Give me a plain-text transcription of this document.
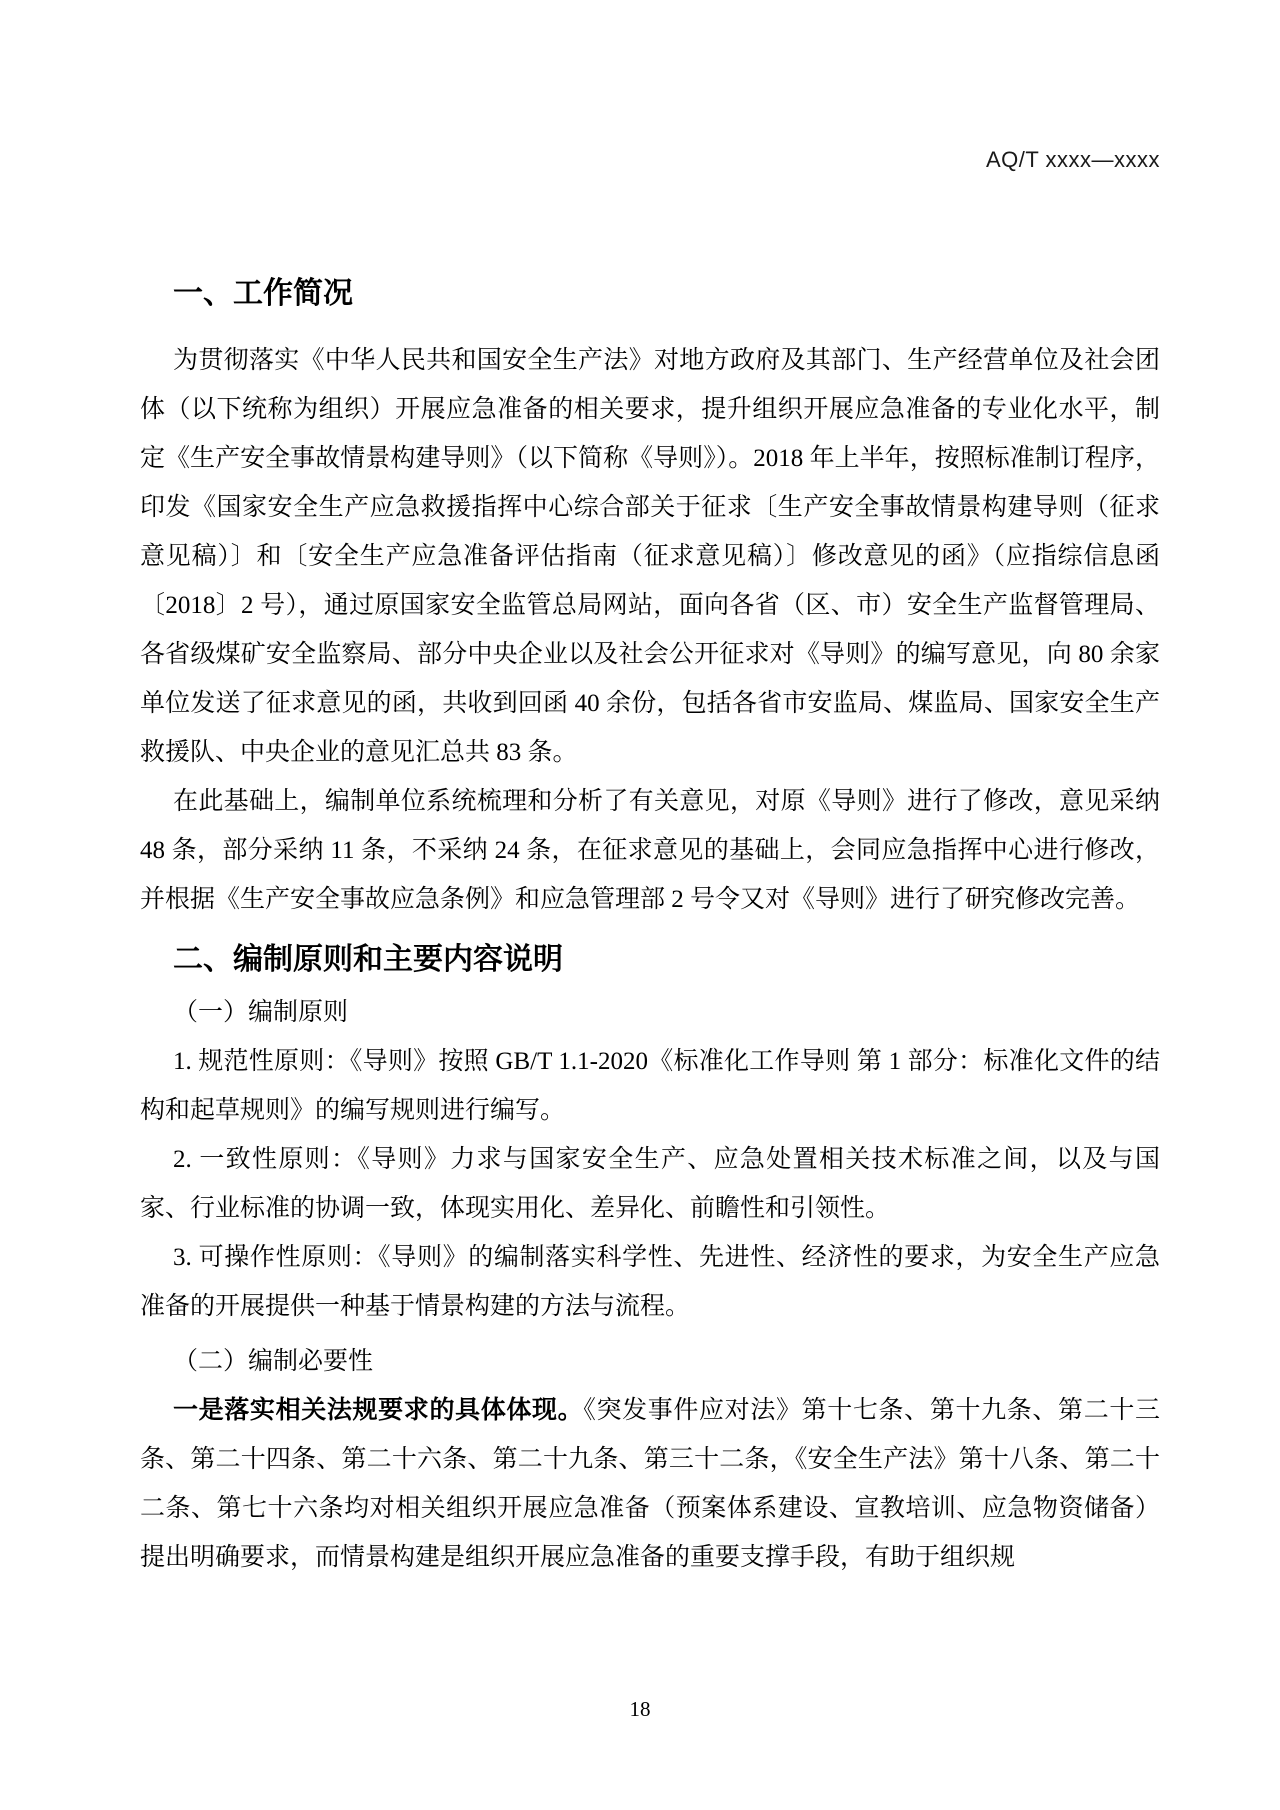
AQ/T xxxx—xxxx
一、工作简况

为贯彻落实《中华人民共和国安全生产法》对地方政府及其部门、生产经营单位及社会团体（以下统称为组织）开展应急准备的相关要求，提升组织开展应急准备的专业化水平，制定《生产安全事故情景构建导则》（以下简称《导则》）。2018 年上半年，按照标准制订程序，印发《国家安全生产应急救援指挥中心综合部关于征求〔生产安全事故情景构建导则（征求意见稿）〕和〔安全生产应急准备评估指南（征求意见稿）〕修改意见的函》（应指综信息函〔2018〕2 号），通过原国家安全监管总局网站，面向各省（区、市）安全生产监督管理局、各省级煤矿安全监察局、部分中央企业以及社会公开征求对《导则》的编写意见，向 80 余家单位发送了征求意见的函，共收到回函 40 余份，包括各省市安监局、煤监局、国家安全生产救援队、中央企业的意见汇总共 83 条。

在此基础上，编制单位系统梳理和分析了有关意见，对原《导则》进行了修改，意见采纳 48 条，部分采纳 11 条，不采纳 24 条，在征求意见的基础上，会同应急指挥中心进行修改，并根据《生产安全事故应急条例》和应急管理部 2 号令又对《导则》进行了研究修改完善。

二、编制原则和主要内容说明

（一）编制原则

1. 规范性原则：《导则》按照 GB/T 1.1-2020《标准化工作导则 第 1 部分：标准化文件的结构和起草规则》的编写规则进行编写。

2. 一致性原则：《导则》力求与国家安全生产、应急处置相关技术标准之间，以及与国家、行业标准的协调一致，体现实用化、差异化、前瞻性和引领性。

3. 可操作性原则：《导则》的编制落实科学性、先进性、经济性的要求，为安全生产应急准备的开展提供一种基于情景构建的方法与流程。

（二）编制必要性

一是落实相关法规要求的具体体现。《突发事件应对法》第十七条、第十九条、第二十三条、第二十四条、第二十六条、第二十九条、第三十二条，《安全生产法》第十八条、第二十二条、第七十六条均对相关组织开展应急准备（预案体系建设、宣教培训、应急物资储备）提出明确要求，而情景构建是组织开展应急准备的重要支撑手段，有助于组织规

18
